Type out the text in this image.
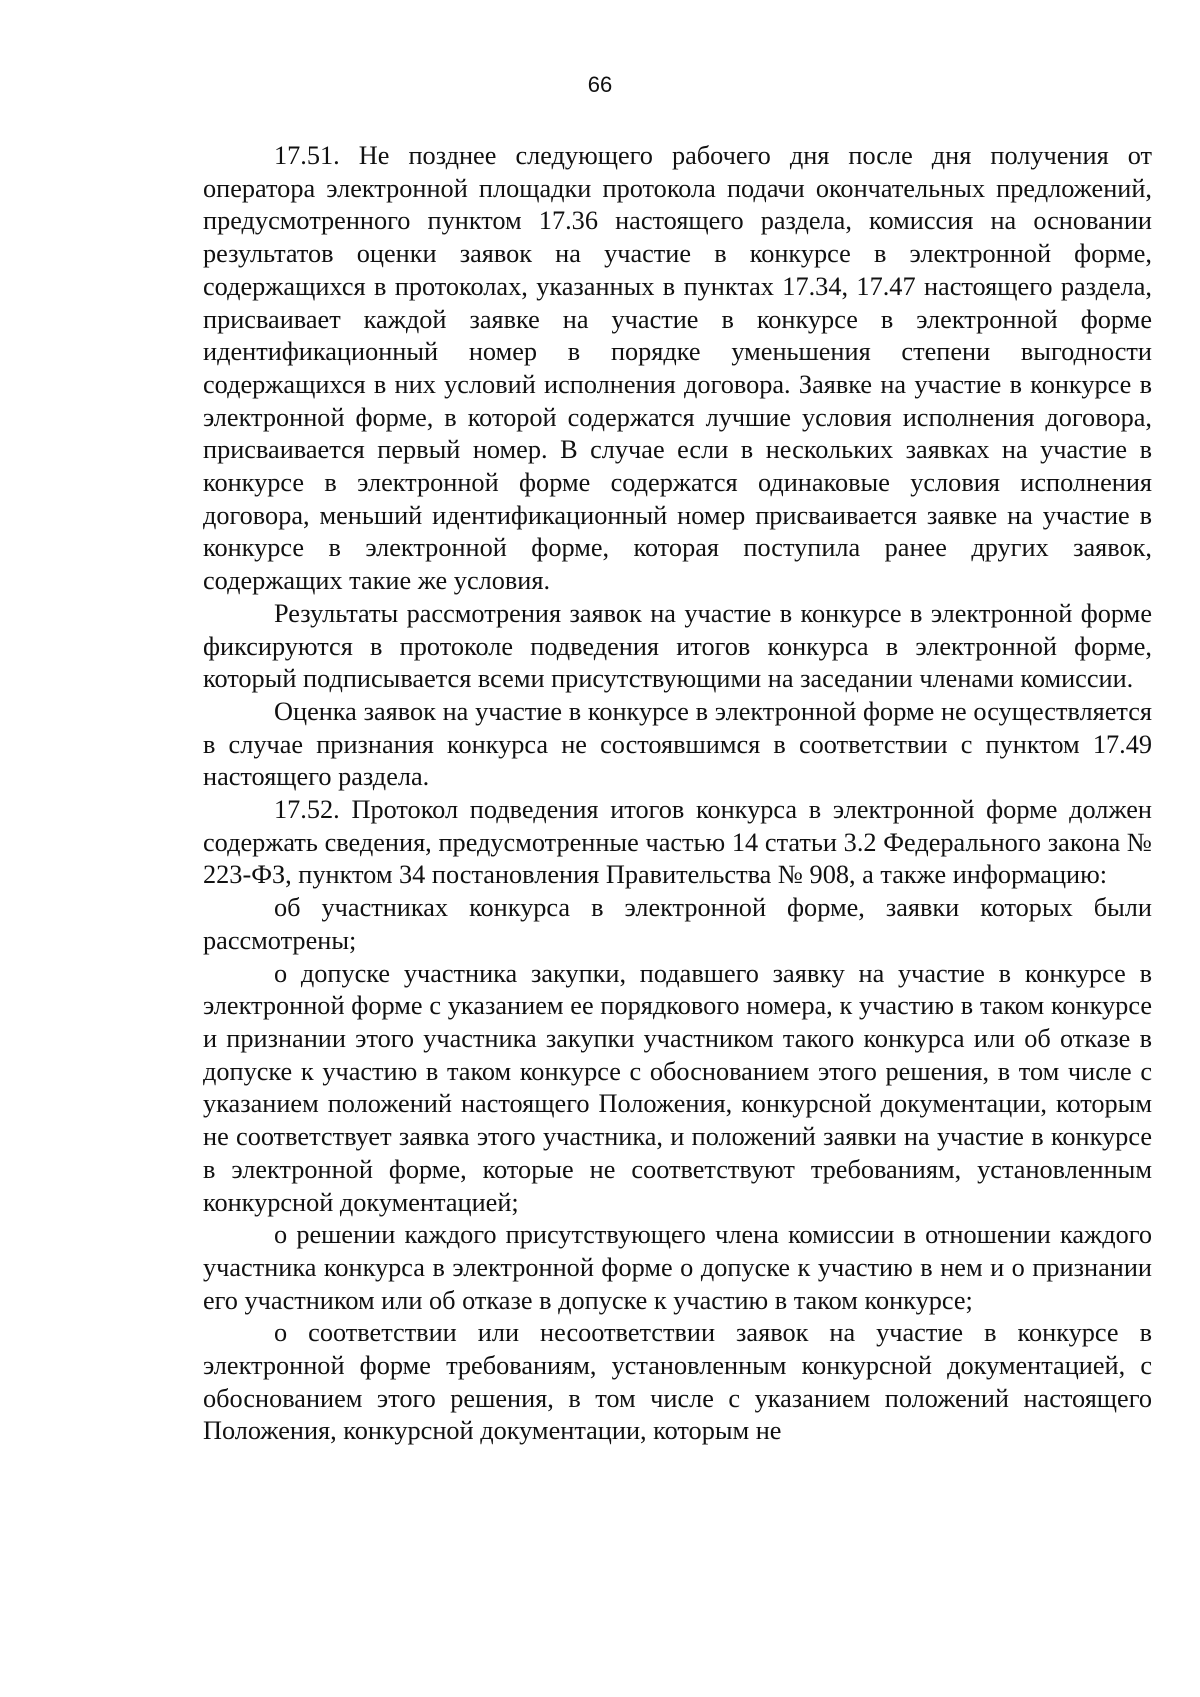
66

17.51. Не позднее следующего рабочего дня после дня получения от оператора электронной площадки протокола подачи окончательных предложений, предусмотренного пунктом 17.36 настоящего раздела, комиссия на основании результатов оценки заявок на участие в конкурсе в электронной форме, содержащихся в протоколах, указанных в пунктах 17.34, 17.47 настоящего раздела, присваивает каждой заявке на участие в конкурсе в электронной форме идентификационный номер в порядке уменьшения степени выгодности содержащихся в них условий исполнения договора. Заявке на участие в конкурсе в электронной форме, в которой содержатся лучшие условия исполнения договора, присваивается первый номер. В случае если в нескольких заявках на участие в конкурсе в электронной форме содержатся одинаковые условия исполнения договора, меньший идентификационный номер присваивается заявке на участие в конкурсе в электронной форме, которая поступила ранее других заявок, содержащих такие же условия.

Результаты рассмотрения заявок на участие в конкурсе в электронной форме фиксируются в протоколе подведения итогов конкурса в электронной форме, который подписывается всеми присутствующими на заседании членами комиссии.

Оценка заявок на участие в конкурсе в электронной форме не осуществляется в случае признания конкурса не состоявшимся в соответствии с пунктом 17.49 настоящего раздела.

17.52. Протокол подведения итогов конкурса в электронной форме должен содержать сведения, предусмотренные частью 14 статьи 3.2 Федерального закона № 223-ФЗ, пунктом 34 постановления Правительства № 908, а также информацию:

об участниках конкурса в электронной форме, заявки которых были рассмотрены;

о допуске участника закупки, подавшего заявку на участие в конкурсе в электронной форме с указанием ее порядкового номера, к участию в таком конкурсе и признании этого участника закупки участником такого конкурса или об отказе в допуске к участию в таком конкурсе с обоснованием этого решения, в том числе с указанием положений настоящего Положения, конкурсной документации, которым не соответствует заявка этого участника, и положений заявки на участие в конкурсе в электронной форме, которые не соответствуют требованиям, установленным конкурсной документацией;

о решении каждого присутствующего члена комиссии в отношении каждого участника конкурса в электронной форме о допуске к участию в нем и о признании его участником или об отказе в допуске к участию в таком конкурсе;

о соответствии или несоответствии заявок на участие в конкурсе в электронной форме требованиям, установленным конкурсной документацией, с обоснованием этого решения, в том числе с указанием положений настоящего Положения, конкурсной документации, которым не
